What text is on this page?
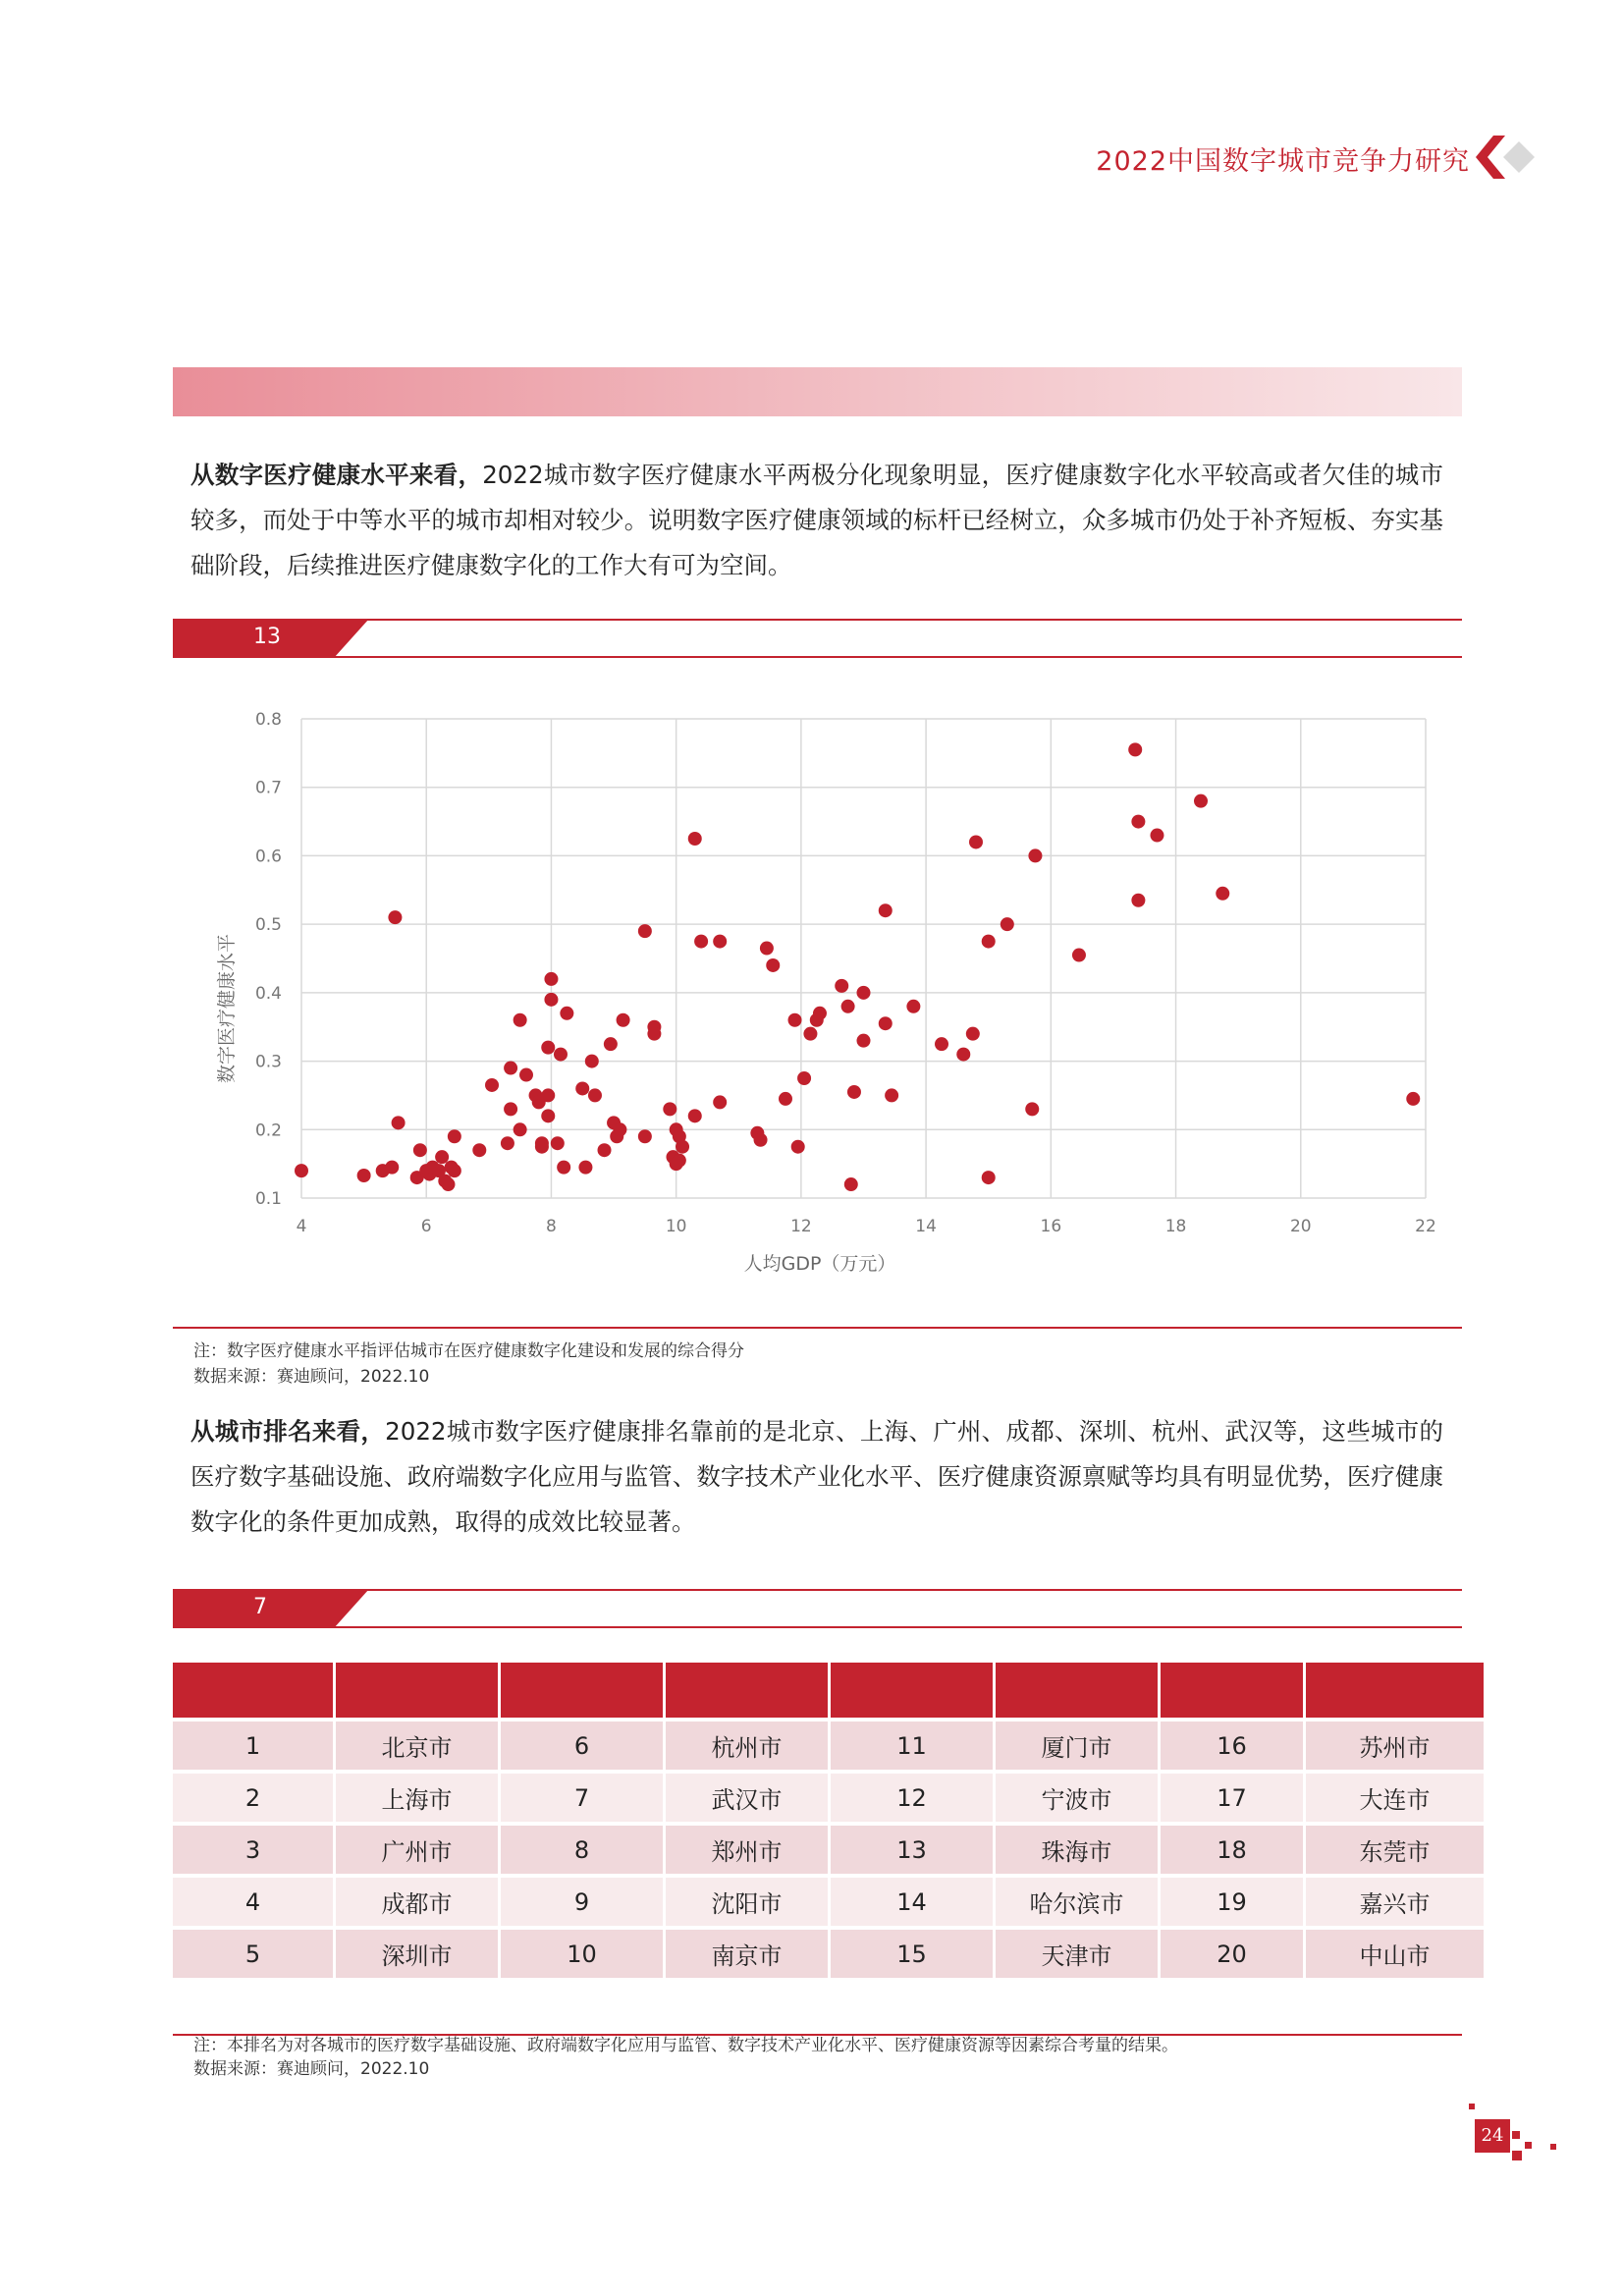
2022中国数字城市竞争力研究
从数字医疗健康水平来看，2022城市数字医疗健康水平两极分化现象明显，医疗健康数字化水平较高或者欠佳的城市较多，而处于中等水平的城市却相对较少。说明数字医疗健康领域的标杆已经树立，众多城市仍处于补齐短板、夯实基础阶段，后续推进医疗健康数字化的工作大有可为空间。
13
4	6	8	10	12	14	16	18	20	22
0.1
0.2
0.3
0.4
0.5
0.6
0.7
0.8
人均GDP（万元）
数字医疗健康水平
注：数字医疗健康水平指评估城市在医疗健康数字化建设和发展的综合得分
数据来源：赛迪顾问，2022.10
从城市排名来看，2022城市数字医疗健康排名靠前的是北京、上海、广州、成都、深圳、杭州、武汉等，这些城市的医疗数字基础设施、政府端数字化应用与监管、数字技术产业化水平、医疗健康资源禀赋等均具有明显优势，医疗健康数字化的条件更加成熟，取得的成效比较显著。
7

1	北京市	6	杭州市	11	厦门市	16	苏州市
2	上海市	7	武汉市	12	宁波市	17	大连市
3	广州市	8	郑州市	13	珠海市	18	东莞市
4	成都市	9	沈阳市	14	哈尔滨市	19	嘉兴市
5	深圳市	10	南京市	15	天津市	20	中山市
注：本排名为对各城市的医疗数字基础设施、政府端数字化应用与监管、数字技术产业化水平、医疗健康资源等因素综合考量的结果。
数据来源：赛迪顾问，2022.10
24
